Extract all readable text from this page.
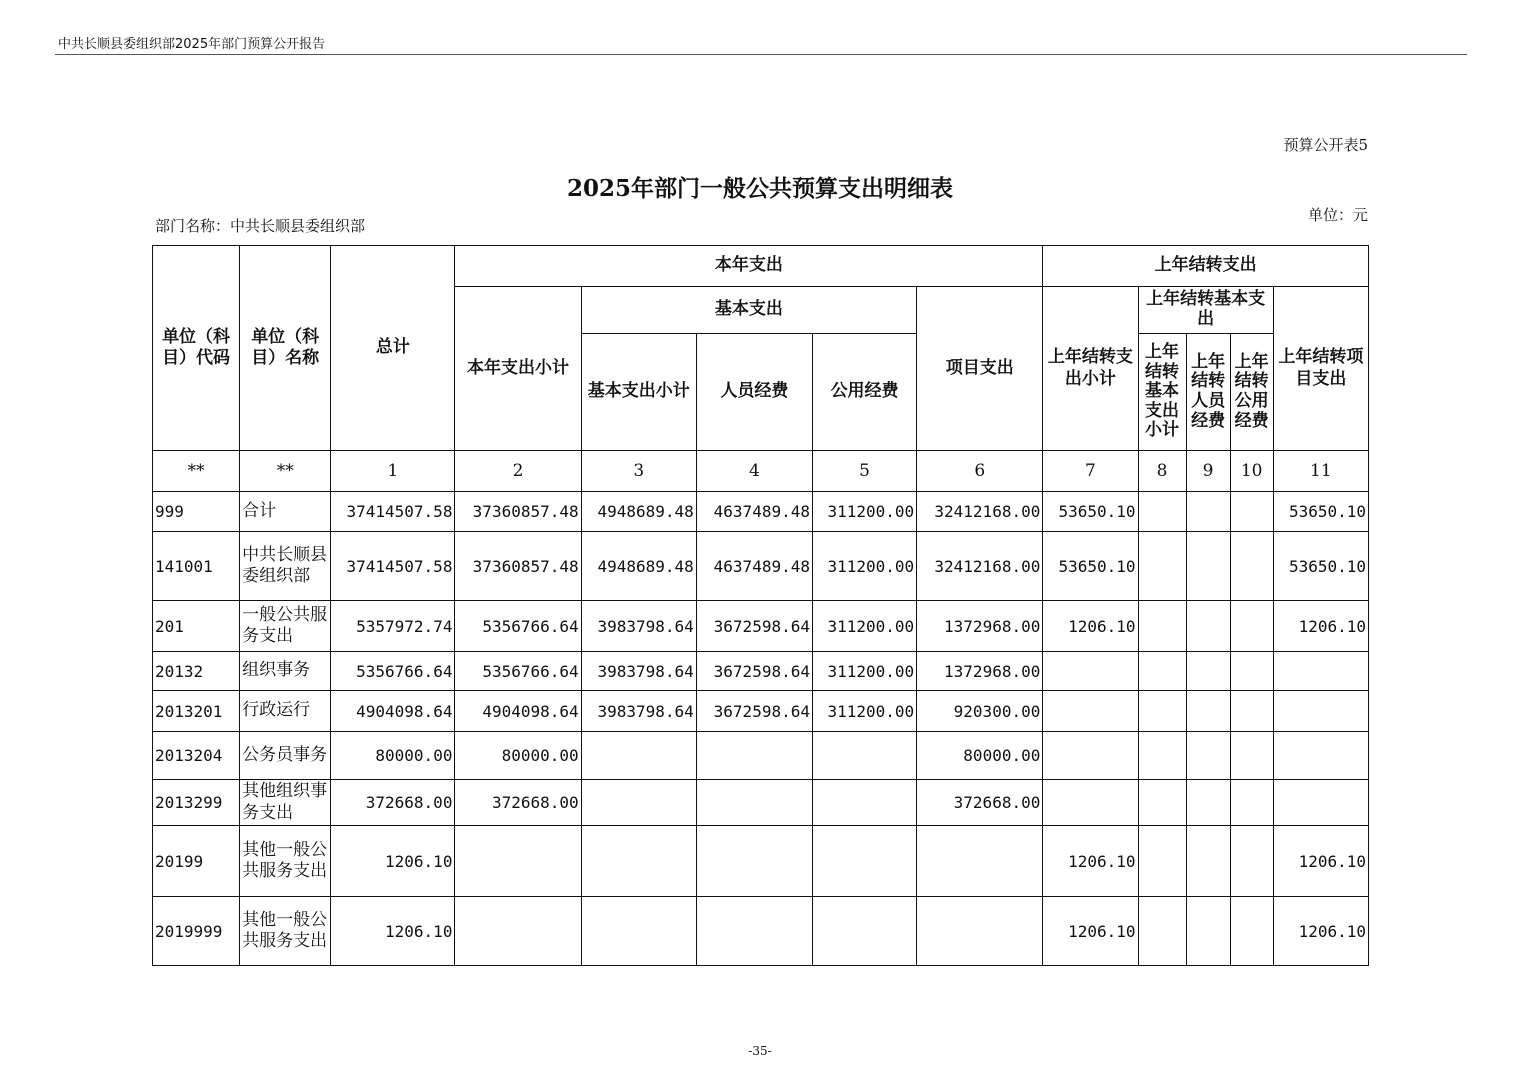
中共长顺县委组织部2025年部门预算公开报告
预算公开表5
2025年部门一般公共预算支出明细表
单位：元
部门名称：中共长顺县委组织部
单位（科目）代码	单位（科目）名称	总计	本年支出					上年结转支出				
			本年支出小计	基本支出			项目支出	上年结转支出小计	上年结转基本支出			上年结转项目支出
				基本支出小计	人员经费	公用经费			上年结转基本支出小计	上年结转人员经费	上年结转公用经费	

**	**	1	2	3	4	5	6	7	8	9	10	11
999	合计	37414507.58	37360857.48	4948689.48	4637489.48	311200.00	32412168.00	53650.10				53650.10
141001	中共长顺县委组织部	37414507.58	37360857.48	4948689.48	4637489.48	311200.00	32412168.00	53650.10				53650.10
201	一般公共服务支出	5357972.74	5356766.64	3983798.64	3672598.64	311200.00	1372968.00	1206.10				1206.10
20132	组织事务	5356766.64	5356766.64	3983798.64	3672598.64	311200.00	1372968.00					
2013201	行政运行	4904098.64	4904098.64	3983798.64	3672598.64	311200.00	920300.00					
2013204	公务员事务	80000.00	80000.00				80000.00					
2013299	其他组织事务支出	372668.00	372668.00				372668.00					
20199	其他一般公共服务支出	1206.10						1206.10				1206.10
2019999	其他一般公共服务支出	1206.10						1206.10				1206.10
-35-
